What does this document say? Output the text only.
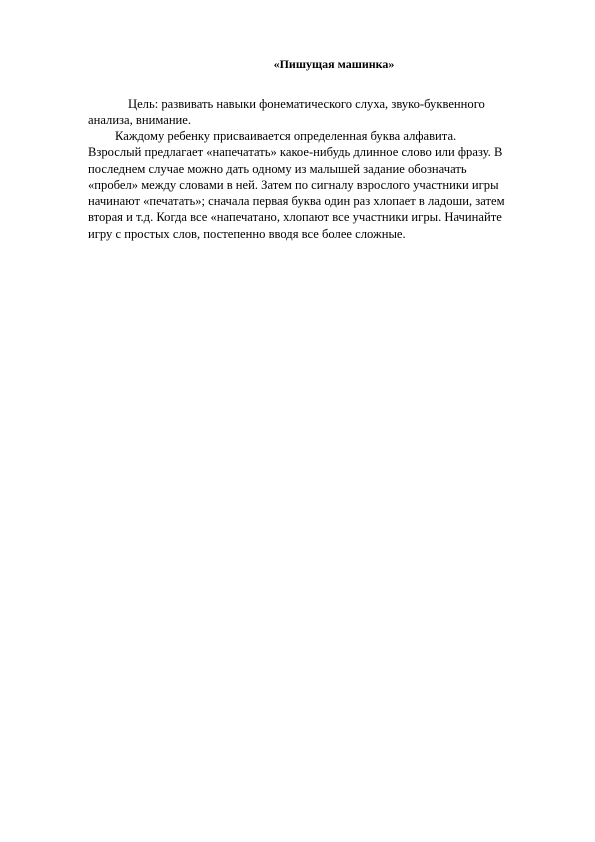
«Пишущая машинка»
Цель: развивать навыки фонематического слуха, звуко-буквенного
анализа, внимание.
Каждому ребенку присваивается определенная буква алфавита.
Взрослый предлагает «напечатать» какое-нибудь длинное слово или фразу. В
последнем случае можно дать одному из малышей задание обозначать
«пробел» между словами в ней. Затем по сигналу взрослого участники игры
начинают «печатать»; сначала первая буква один раз хлопает в ладоши, затем
вторая и т.д. Когда все «напечатано, хлопают все участники игры. Начинайте
игру с простых слов, постепенно вводя все более сложные.
